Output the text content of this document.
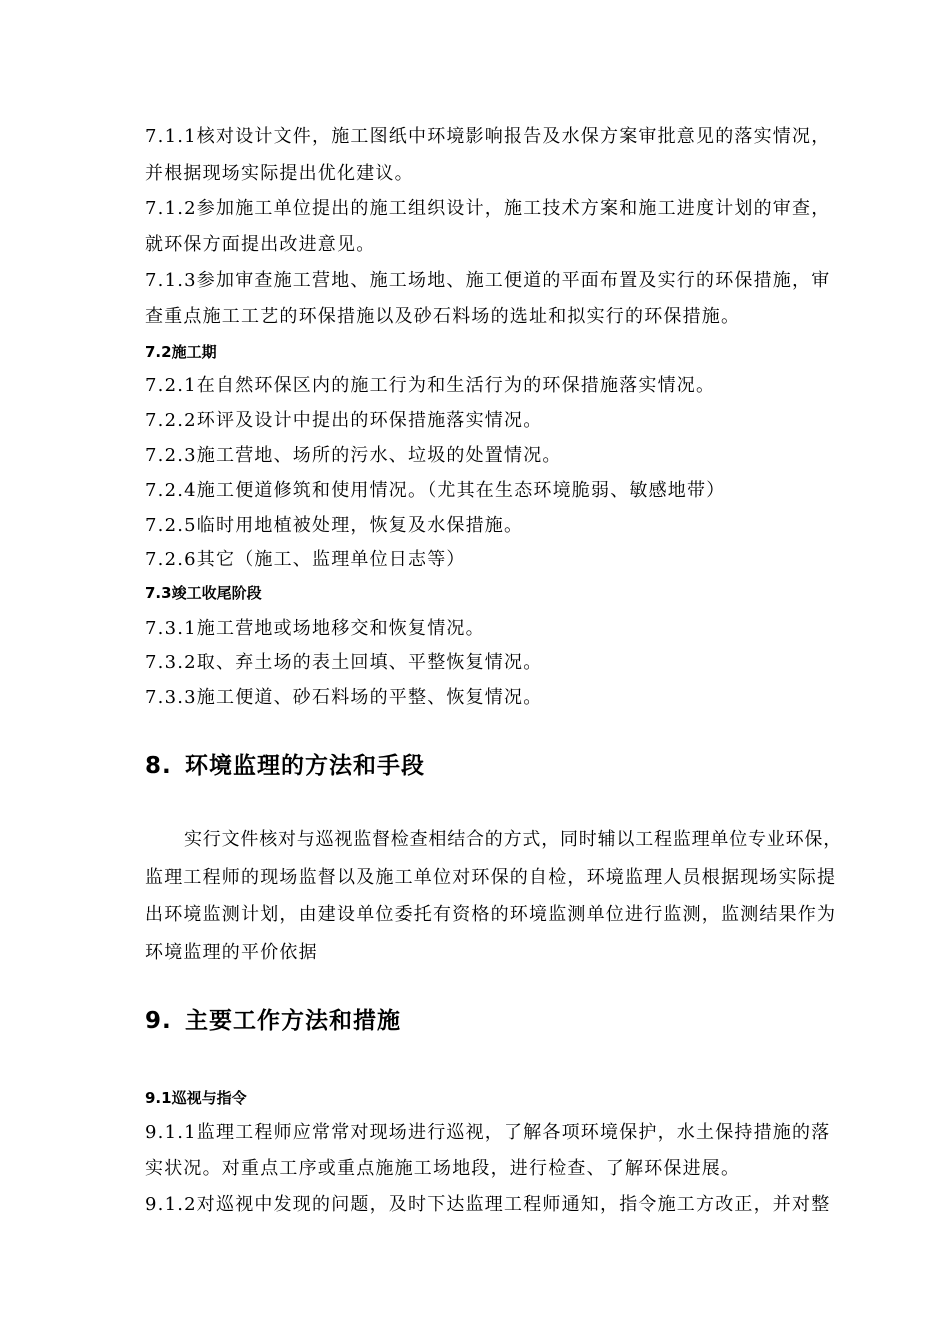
7.1.1核对设计文件，施工图纸中环境影响报告及水保方案审批意见的落实情况，
并根据现场实际提出优化建议。
7.1.2参加施工单位提出的施工组织设计，施工技术方案和施工进度计划的审查，
就环保方面提出改进意见。
7.1.3参加审查施工营地、施工场地、施工便道的平面布置及实行的环保措施，审
查重点施工工艺的环保措施以及砂石料场的选址和拟实行的环保措施。
7.2施工期
7.2.1在自然环保区内的施工行为和生活行为的环保措施落实情况。
7.2.2环评及设计中提出的环保措施落实情况。
7.2.3施工营地、场所的污水、垃圾的处置情况。
7.2.4施工便道修筑和使用情况。（尤其在生态环境脆弱、敏感地带）
7.2.5临时用地植被处理，恢复及水保措施。
7.2.6其它（施工、监理单位日志等）
7.3竣工收尾阶段
7.3.1施工营地或场地移交和恢复情况。
7.3.2取、弃土场的表土回填、平整恢复情况。
7.3.3施工便道、砂石料场的平整、恢复情况。
8. 环境监理的方法和手段
实行文件核对与巡视监督检查相结合的方式，同时辅以工程监理单位专业环保，
监理工程师的现场监督以及施工单位对环保的自检，环境监理人员根据现场实际提
出环境监测计划，由建设单位委托有资格的环境监测单位进行监测，监测结果作为
环境监理的平价依据
9. 主要工作方法和措施
9.1巡视与指令
9.1.1监理工程师应常常对现场进行巡视，了解各项环境保护，水土保持措施的落
实状况。对重点工序或重点施施工场地段，进行检查、了解环保进展。
9.1.2对巡视中发现的问题，及时下达监理工程师通知，指令施工方改正，并对整
